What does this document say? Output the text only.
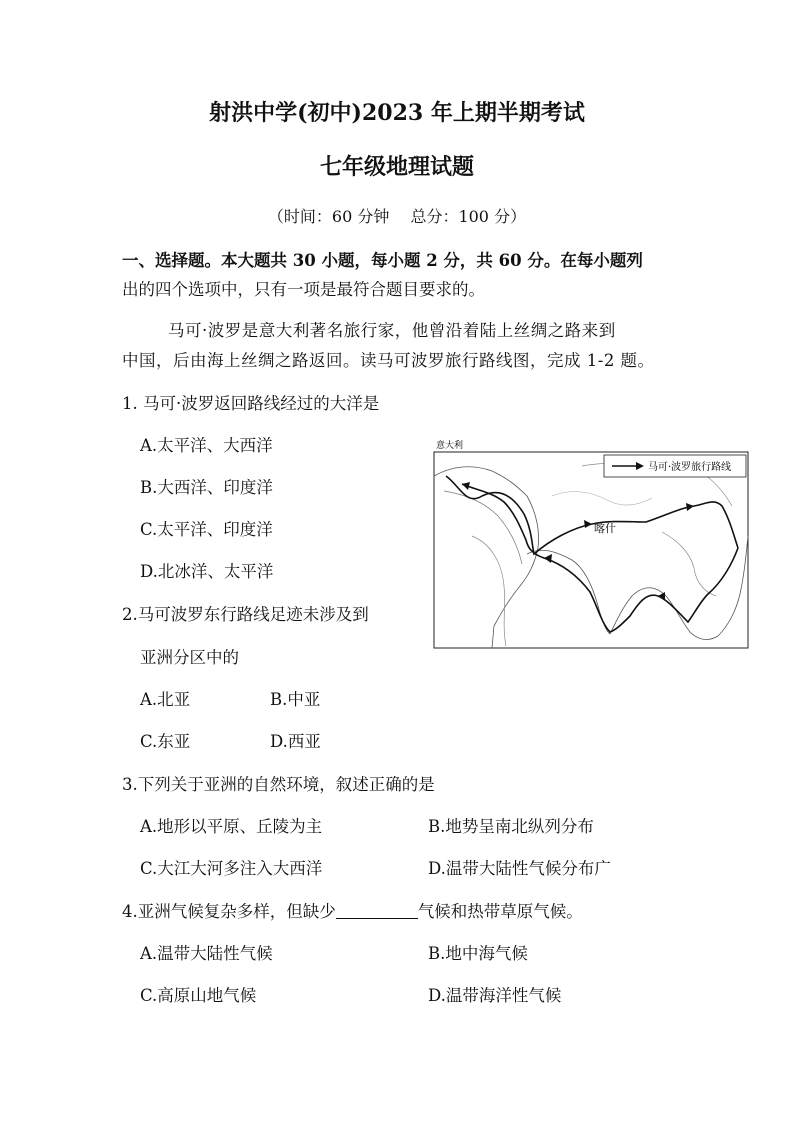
射洪中学(初中)2023 年上期半期考试
七年级地理试题
（时间：60 分钟　 总分：100 分）
一、选择题。本大题共 30 小题，每小题 2 分，共 60 分。在每小题列
出的四个选项中，只有一项是最符合题目要求的。
马可·波罗是意大利著名旅行家，他曾沿着陆上丝绸之路来到
中国，后由海上丝绸之路返回。读马可波罗旅行路线图，完成 1-2 题。
1. 马可·波罗返回路线经过的大洋是
A.太平洋、大西洋
B.大西洋、印度洋
C.太平洋、印度洋
D.北冰洋、太平洋
意大利
马可·波罗旅行路线
喀什
2.马可波罗东行路线足迹未涉及到
亚洲分区中的
A.北亚	B.中亚
C.东亚	D.西亚
3.下列关于亚洲的自然环境，叙述正确的是
A.地形以平原、丘陵为主	B.地势呈南北纵列分布
C.大江大河多注入大西洋	D.温带大陆性气候分布广
4.亚洲气候复杂多样，但缺少	气候和热带草原气候。
A.温带大陆性气候	B.地中海气候
C.高原山地气候	D.温带海洋性气候
